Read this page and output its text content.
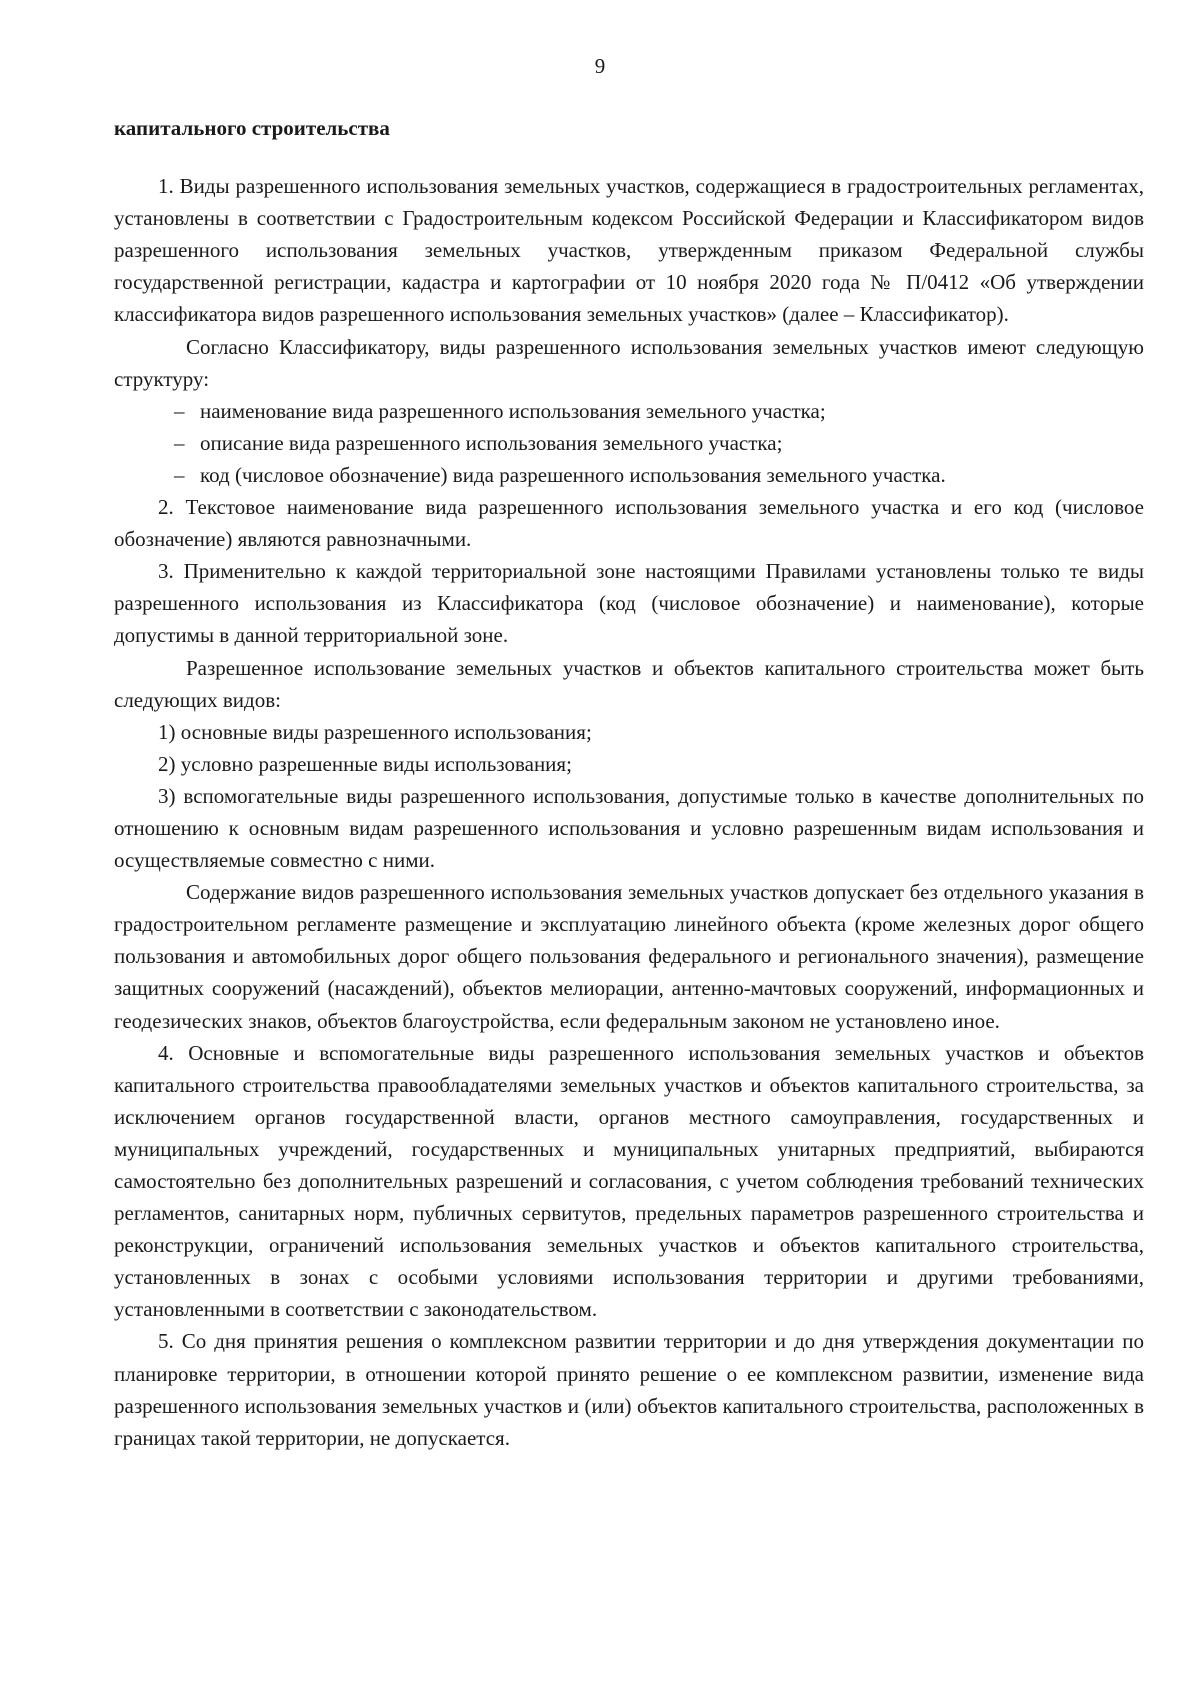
9
капитального строительства

1. Виды разрешенного использования земельных участков, содержащиеся в градостроительных регламентах, установлены в соответствии с Градостроительным кодексом Российской Федерации и Классификатором видов разрешенного использования земельных участков, утвержденным приказом Федеральной службы государственной регистрации, кадастра и картографии от 10 ноября 2020 года № П/0412 «Об утверждении классификатора видов разрешенного использования земельных участков» (далее – Классификатор).

Согласно Классификатору, виды разрешенного использования земельных участков имеют следующую структуру:

– наименование вида разрешенного использования земельного участка;
– описание вида разрешенного использования земельного участка;
– код (числовое обозначение) вида разрешенного использования земельного участка.

2. Текстовое наименование вида разрешенного использования земельного участка и его код (числовое обозначение) являются равнозначными.

3. Применительно к каждой территориальной зоне настоящими Правилами установлены только те виды разрешенного использования из Классификатора (код (числовое обозначение) и наименование), которые допустимы в данной территориальной зоне.

Разрешенное использование земельных участков и объектов капитального строительства может быть следующих видов:

1) основные виды разрешенного использования;

2) условно разрешенные виды использования;

3) вспомогательные виды разрешенного использования, допустимые только в качестве дополнительных по отношению к основным видам разрешенного использования и условно разрешенным видам использования и осуществляемые совместно с ними.

Содержание видов разрешенного использования земельных участков допускает без отдельного указания в градостроительном регламенте размещение и эксплуатацию линейного объекта (кроме железных дорог общего пользования и автомобильных дорог общего пользования федерального и регионального значения), размещение защитных сооружений (насаждений), объектов мелиорации, антенно-мачтовых сооружений, информационных и геодезических знаков, объектов благоустройства, если федеральным законом не установлено иное.

4. Основные и вспомогательные виды разрешенного использования земельных участков и объектов капитального строительства правообладателями земельных участков и объектов капитального строительства, за исключением органов государственной власти, органов местного самоуправления, государственных и муниципальных учреждений, государственных и муниципальных унитарных предприятий, выбираются самостоятельно без дополнительных разрешений и согласования, с учетом соблюдения требований технических регламентов, санитарных норм, публичных сервитутов, предельных параметров разрешенного строительства и реконструкции, ограничений использования земельных участков и объектов капитального строительства, установленных в зонах с особыми условиями использования территории и другими требованиями, установленными в соответствии с законодательством.

5. Со дня принятия решения о комплексном развитии территории и до дня утверждения документации по планировке территории, в отношении которой принято решение о ее комплексном развитии, изменение вида разрешенного использования земельных участков и (или) объектов капитального строительства, расположенных в границах такой территории, не допускается.
